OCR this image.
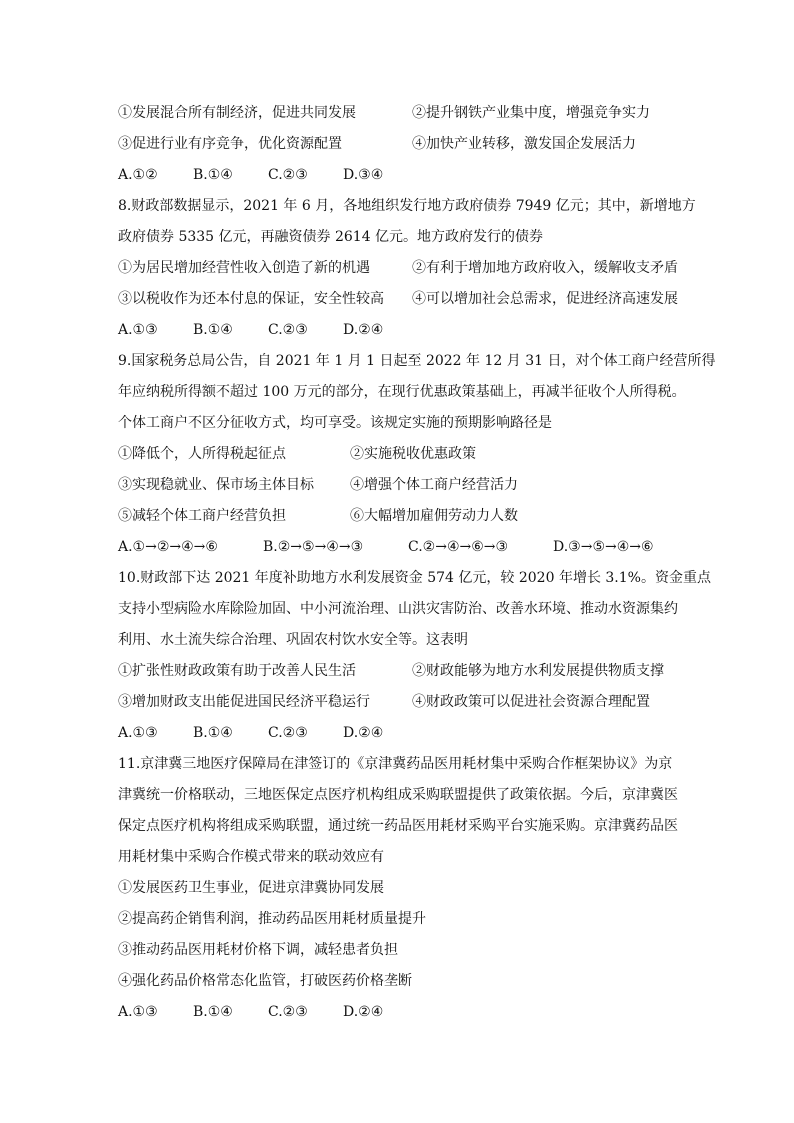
①发展混合所有制经济，促进共同发展	②提升钢铁产业集中度，增强竞争实力
③促进行业有序竞争，优化资源配置	④加快产业转移，激发国企发展活力
A.①②	B.①④	C.②③	D.③④
8.财政部数据显示，2021 年 6 月，各地组织发行地方政府债券 7949 亿元；其中，新增地方
政府债券 5335 亿元，再融资债券 2614 亿元。地方政府发行的债券
①为居民增加经营性收入创造了新的机遇	②有利于增加地方政府收入，缓解收支矛盾
③以税收作为还本付息的保证，安全性较高	④可以增加社会总需求，促进经济高速发展
A.①③	B.①④	C.②③	D.②④
9.国家税务总局公告，自 2021 年 1 月 1 日起至 2022 年 12 月 31 日，对个体工商户经营所得
年应纳税所得额不超过 100 万元的部分，在现行优惠政策基础上，再减半征收个人所得税。
个体工商户不区分征收方式，均可享受。该规定实施的预期影响路径是
①降低个，人所得税起征点	②实施税收优惠政策
③实现稳就业、保市场主体目标	④增强个体工商户经营活力
⑤减轻个体工商户经营负担	⑥大幅增加雇佣劳动力人数
A.①→②→④→⑥	B.②→⑤→④→③	C.②→④→⑥→③	D.③→⑤→④→⑥
10.财政部下达 2021 年度补助地方水利发展资金 574 亿元，较 2020 年增长 3.1%。资金重点
支持小型病险水库除险加固、中小河流治理、山洪灾害防治、改善水环境、推动水资源集约
利用、水土流失综合治理、巩固农村饮水安全等。这表明
①扩张性财政政策有助于改善人民生活	②财政能够为地方水利发展提供物质支撑
③增加财政支出能促进国民经济平稳运行	④财政政策可以促进社会资源合理配置
A.①③	B.①④	C.②③	D.②④
11.京津冀三地医疗保障局在津签订的《京津冀药品医用耗材集中采购合作框架协议》为京
津冀统一价格联动，三地医保定点医疗机构组成采购联盟提供了政策依据。今后，京津冀医
保定点医疗机构将组成采购联盟，通过统一药品医用耗材采购平台实施采购。京津冀药品医
用耗材集中采购合作模式带来的联动效应有
①发展医药卫生事业，促进京津冀协同发展
②提高药企销售利润，推动药品医用耗材质量提升
③推动药品医用耗材价格下调，减轻患者负担
④强化药品价格常态化监管，打破医药价格垄断
A.①③	B.①④	C.②③	D.②④
